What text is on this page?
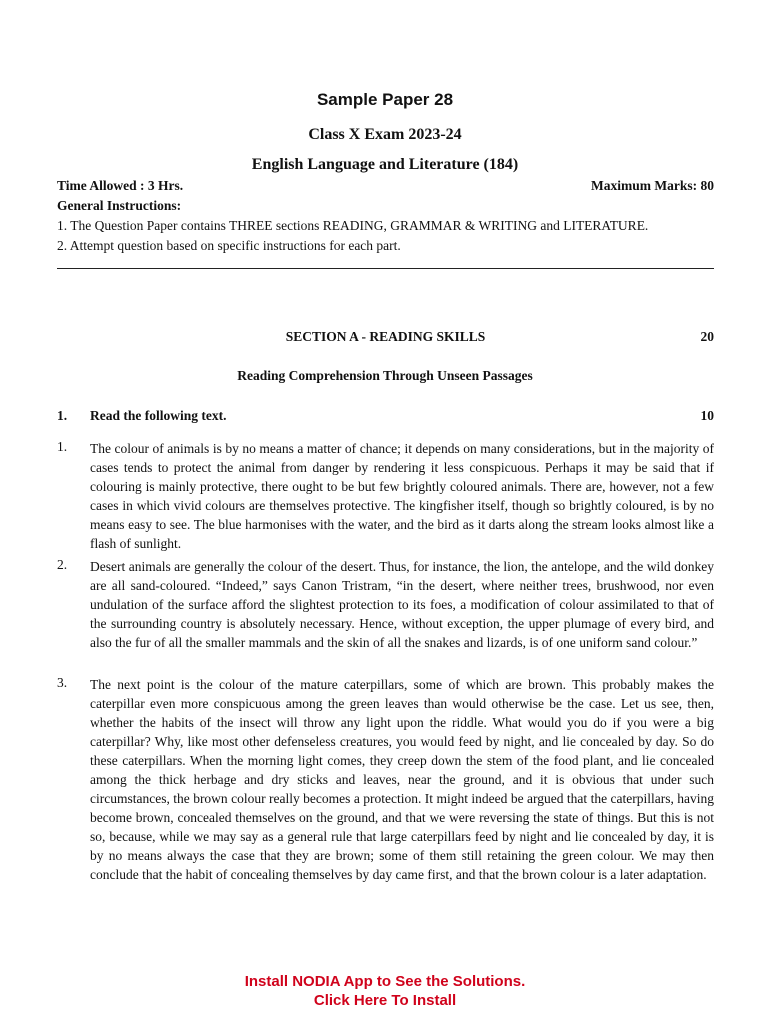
Sample Paper 28
Class X Exam 2023-24
English Language and Literature (184)
Time Allowed : 3 Hrs.	Maximum Marks: 80
General Instructions:
1. The Question Paper contains THREE sections READING, GRAMMAR & WRITING and LITERATURE.
2. Attempt question based on specific instructions for each part.
SECTION A - READING SKILLS	20
Reading Comprehension Through Unseen Passages
1. Read the following text.	10
1. The colour of animals is by no means a matter of chance; it depends on many considerations, but in the majority of cases tends to protect the animal from danger by rendering it less conspicuous. Perhaps it may be said that if colouring is mainly protective, there ought to be but few brightly coloured animals. There are, however, not a few cases in which vivid colours are themselves protective. The kingfisher itself, though so brightly coloured, is by no means easy to see. The blue harmonises with the water, and the bird as it darts along the stream looks almost like a flash of sunlight.
2. Desert animals are generally the colour of the desert. Thus, for instance, the lion, the antelope, and the wild donkey are all sand-coloured. “Indeed,” says Canon Tristram, “in the desert, where neither trees, brushwood, nor even undulation of the surface afford the slightest protection to its foes, a modification of colour assimilated to that of the surrounding country is absolutely necessary. Hence, without exception, the upper plumage of every bird, and also the fur of all the smaller mammals and the skin of all the snakes and lizards, is of one uniform sand colour.”
3. The next point is the colour of the mature caterpillars, some of which are brown. This probably makes the caterpillar even more conspicuous among the green leaves than would otherwise be the case. Let us see, then, whether the habits of the insect will throw any light upon the riddle. What would you do if you were a big caterpillar? Why, like most other defenseless creatures, you would feed by night, and lie concealed by day. So do these caterpillars. When the morning light comes, they creep down the stem of the food plant, and lie concealed among the thick herbage and dry sticks and leaves, near the ground, and it is obvious that under such circumstances, the brown colour really becomes a protection. It might indeed be argued that the caterpillars, having become brown, concealed themselves on the ground, and that we were reversing the state of things. But this is not so, because, while we may say as a general rule that large caterpillars feed by night and lie concealed by day, it is by no means always the case that they are brown; some of them still retaining the green colour. We may then conclude that the habit of concealing themselves by day came first, and that the brown colour is a later adaptation.
Install NODIA App to See the Solutions.
Click Here To Install
